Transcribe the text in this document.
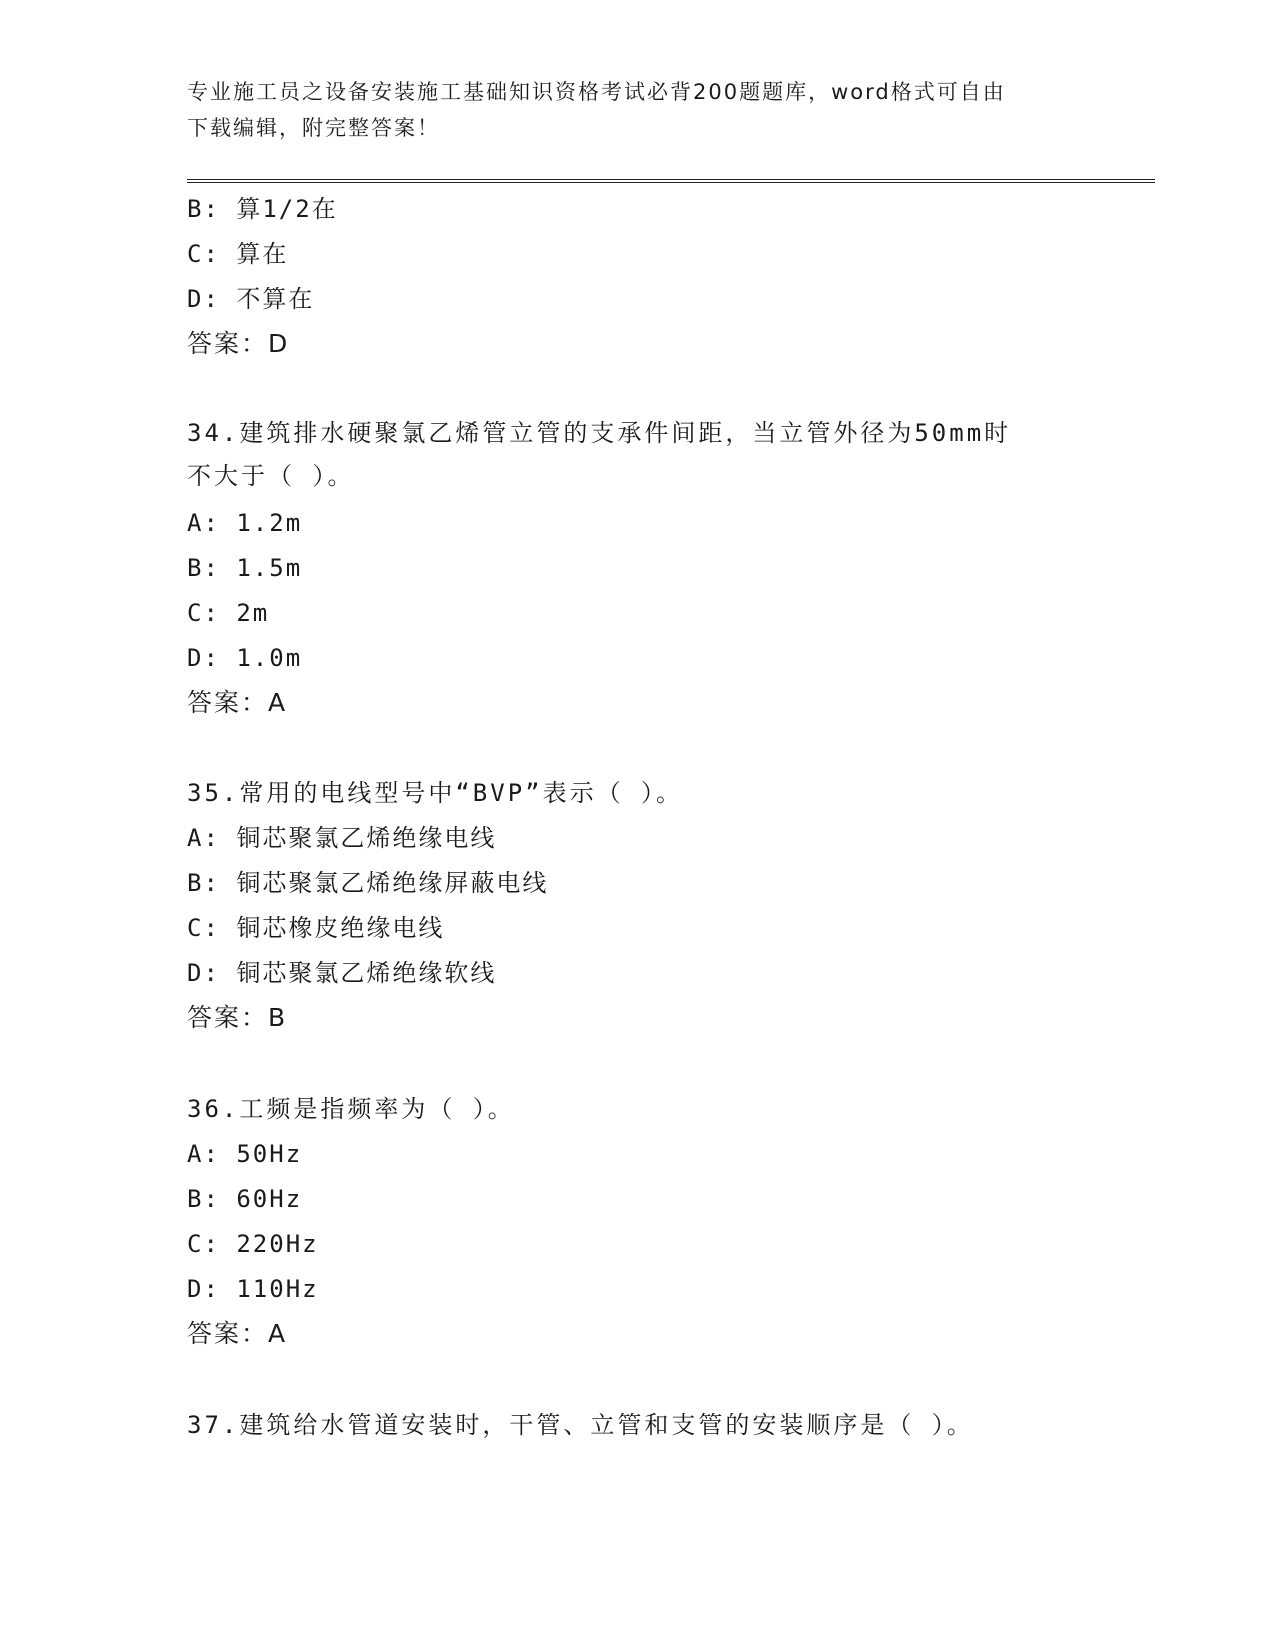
专业施工员之设备安装施工基础知识资格考试必背200题题库，word格式可自由
下载编辑，附完整答案！
B: 算1/2在
C: 算在
D: 不算在
答案：D
34.建筑排水硬聚氯乙烯管立管的支承件间距，当立管外径为50mm时
不大于（ ）。
A: 1.2m
B: 1.5m
C: 2m
D: 1.0m
答案：A
35.常用的电线型号中“BVP”表示（ ）。
A: 铜芯聚氯乙烯绝缘电线
B: 铜芯聚氯乙烯绝缘屏蔽电线
C: 铜芯橡皮绝缘电线
D: 铜芯聚氯乙烯绝缘软线
答案：B
36.工频是指频率为（ ）。
A: 50Hz
B: 60Hz
C: 220Hz
D: 110Hz
答案：A
37.建筑给水管道安装时，干管、立管和支管的安装顺序是（ ）。
